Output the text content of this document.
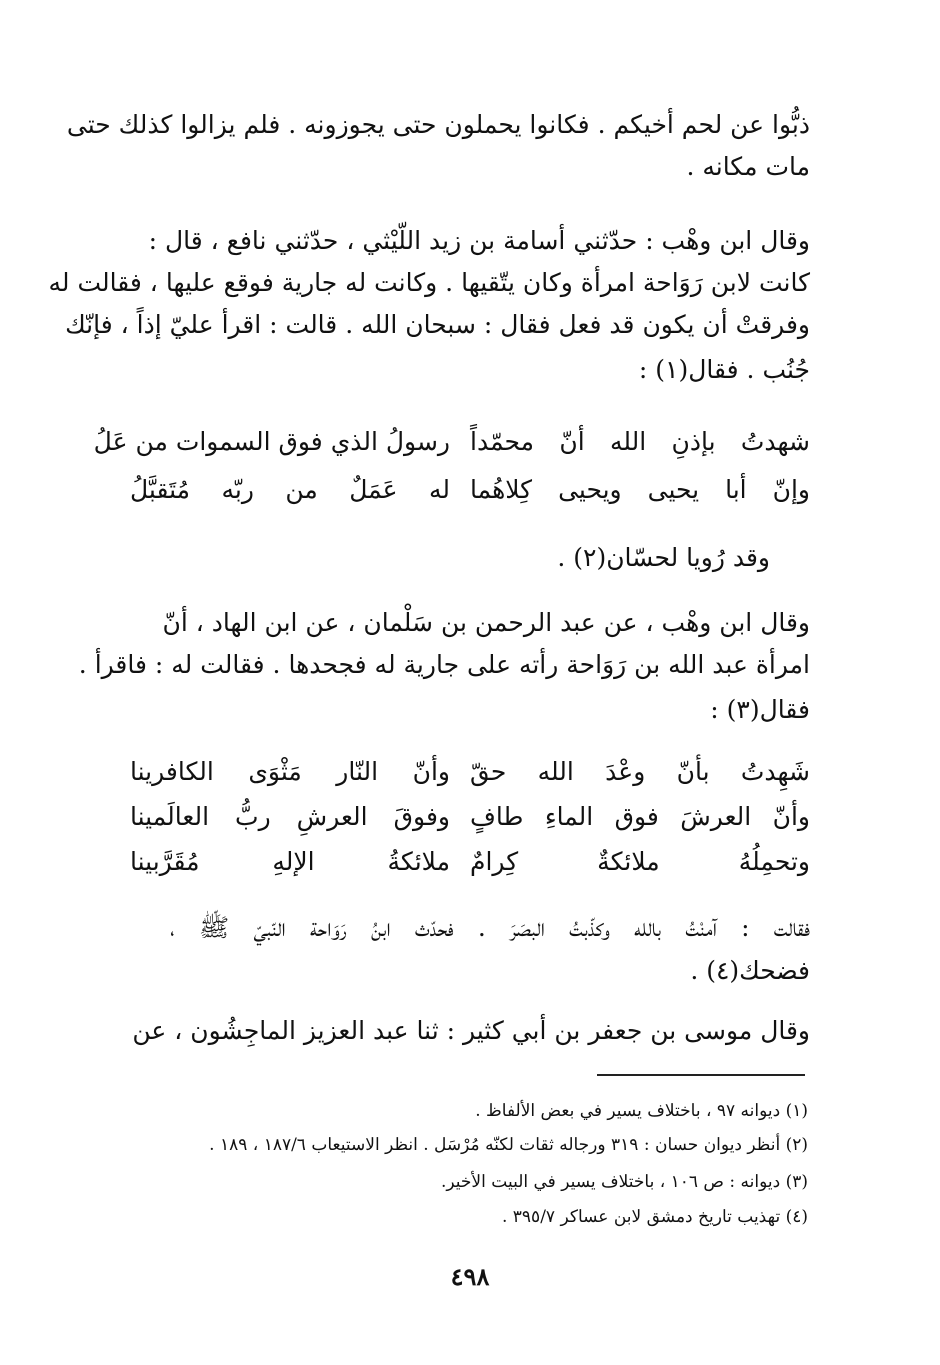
ذبُّوا عن لحم أخيكم . فكانوا يحملون حتى يجوزونه . فلم يزالوا كذلك حتى
مات مكانه .
وقال ابن وهْب : حدّثني أسامة بن زيد اللّيْثي ، حدّثني نافع ، قال :
كانت لابن رَوَاحة امرأة وكان يتّقيها . وكانت له جارية فوقع عليها ، فقالت له
وفرقتْ أن يكون قد فعل فقال : سبحان الله . قالت : اقرأ عليّ إذاً ، فإنّك
جُنُب . فقال(١) :
رسولُ الذي فوق السموات من عَلُ شهدتُ بإذنِ الله أنّ محمّداً
له عَمَلٌ من ربّه مُتَقبَّلُ وإنّ أبا يحيى ويحيى كِلاهُما
وقد رُويا لحسّان(٢) .
وقال ابن وهْب ، عن عبد الرحمن بن سَلْمان ، عن ابن الهاد ، أنّ
امرأة عبد الله بن رَوَاحة رأته على جارية له فجحدها . فقالت له : فاقرأ .
فقال(٣) :
وأنّ النّار مَثْوَى الكافرينا شَهِدتُ بأنّ وعْدَ الله حقّ
وفوقَ العرشِ ربُّ العالَمينا وأنّ العرشَ فوق الماءِ طافٍ
ملائكةُ الإلهِ مُقَرَّبينا وتحمِلُهُ ملائكةٌ كِرامٌ
فقالت : آمنْتُ بالله وكذّبتُ البصَرَ . فحدّث ابنُ رَوَاحة النّبيّ ﷺ ،
فضحك(٤) .
وقال موسى بن جعفر بن أبي كثير : ثنا عبد العزيز الماجِشُون ، عن
(١) ديوانه ٩٧ ، باختلاف يسير في بعض الألفاظ .
(٢) أنظر ديوان حسان : ٣١٩ ورجاله ثقات لكنّه مُرْسَل . انظر الاستيعاب ١٨٧/٦ ، ١٨٩ .
(٣) ديوانه : ص ١٠٦ ، باختلاف يسير في البيت الأخير.
(٤) تهذيب تاريخ دمشق لابن عساكر ٣٩٥/٧ .
٤٩٨
